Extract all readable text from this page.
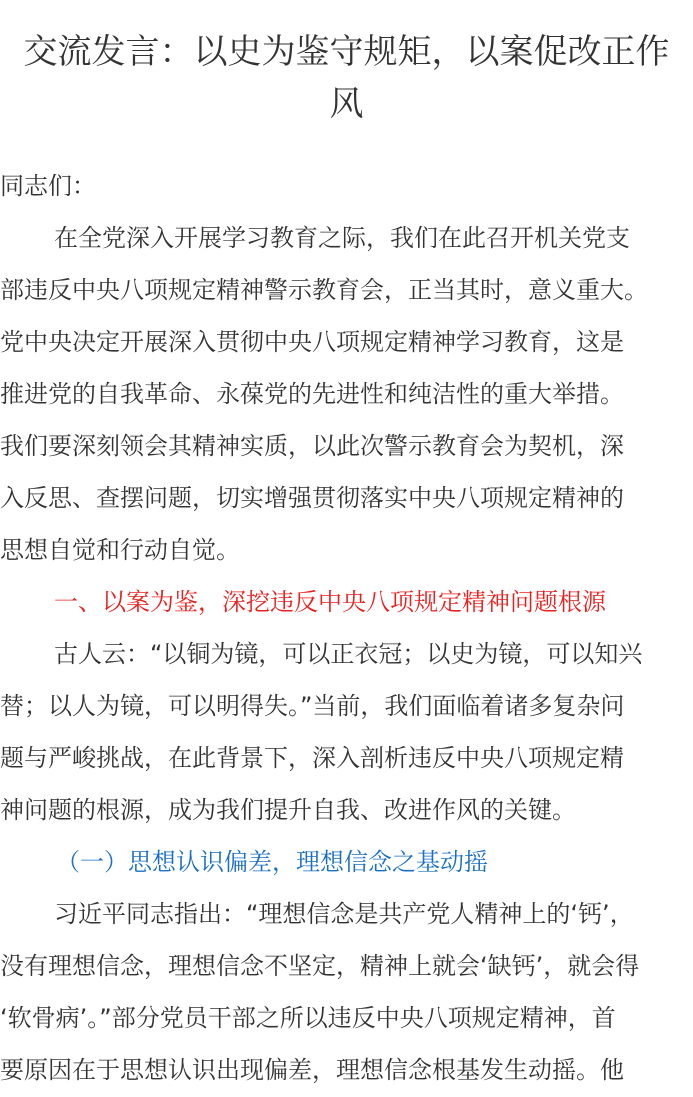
交流发言：以史为鉴守规矩，以案促改正作
风
同志们：
在全党深入开展学习教育之际，我们在此召开机关党支
部违反中央八项规定精神警示教育会，正当其时，意义重大。
党中央决定开展深入贯彻中央八项规定精神学习教育，这是
推进党的自我革命、永葆党的先进性和纯洁性的重大举措。
我们要深刻领会其精神实质，以此次警示教育会为契机，深
入反思、查摆问题，切实增强贯彻落实中央八项规定精神的
思想自觉和行动自觉。
一、以案为鉴，深挖违反中央八项规定精神问题根源
古人云：“以铜为镜，可以正衣冠；以史为镜，可以知兴
替；以人为镜，可以明得失。”当前，我们面临着诸多复杂问
题与严峻挑战，在此背景下，深入剖析违反中央八项规定精
神问题的根源，成为我们提升自我、改进作风的关键。
（一）思想认识偏差，理想信念之基动摇
习近平同志指出：“理想信念是共产党人精神上的‘钙’，
没有理想信念，理想信念不坚定，精神上就会‘缺钙’，就会得
‘软骨病’。”部分党员干部之所以违反中央八项规定精神，首
要原因在于思想认识出现偏差，理想信念根基发生动摇。他
